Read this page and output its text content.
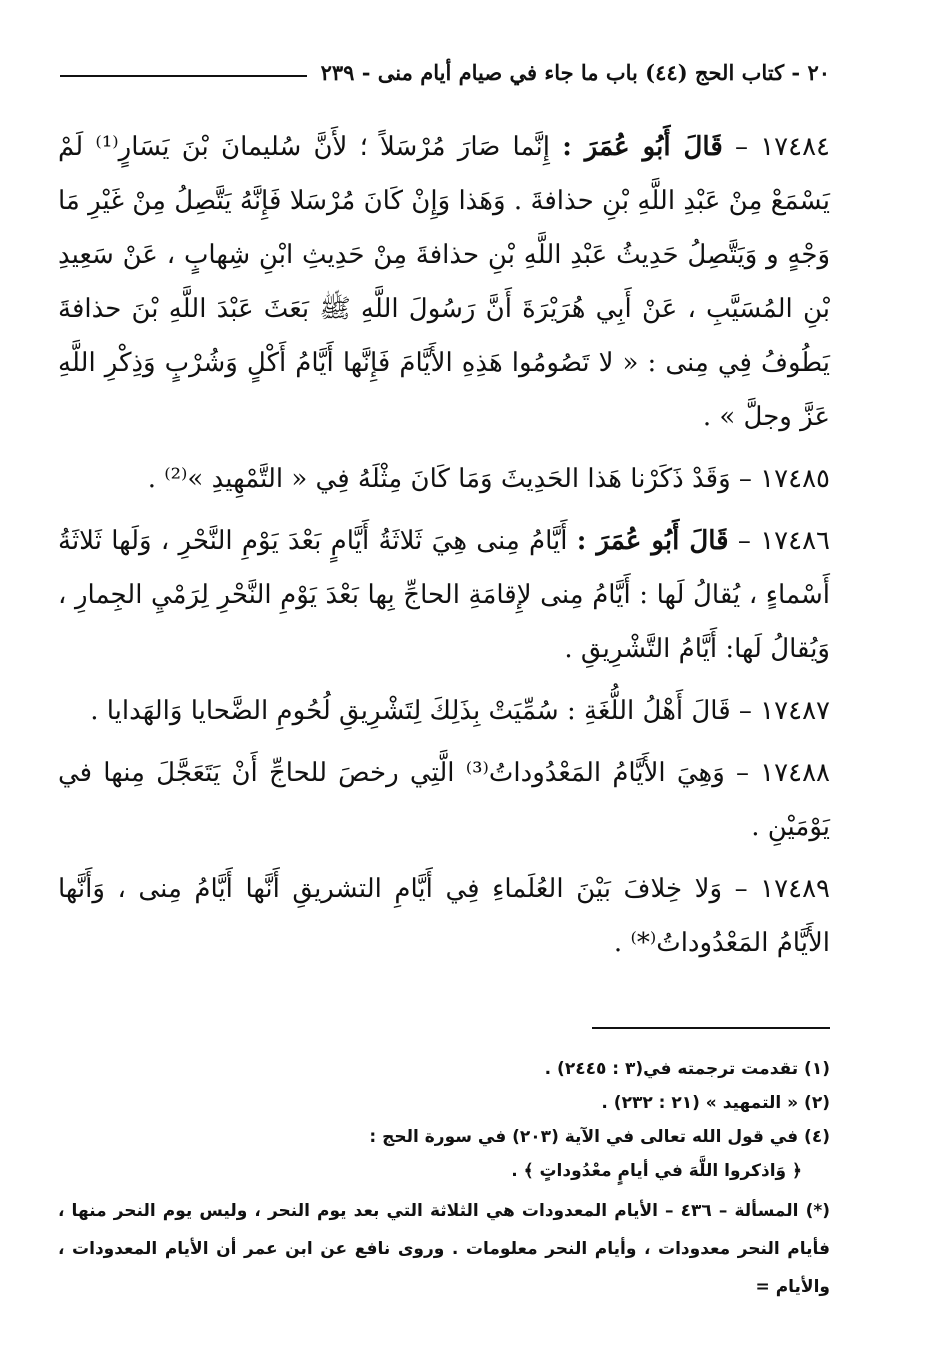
٢٠ - كتاب الحج (٤٤) باب ما جاء في صيام أيام منى - ٢٣٩

١٧٤٨٤ – قَالَ أَبُو عُمَرَ : إِنَّما صَارَ مُرْسَلاً ؛ لأَنَّ سُليمانَ بْنَ يَسَارٍ⁽¹⁾ لَمْ يَسْمَعْ مِنْ عَبْدِ اللَّهِ بْنِ حذافةَ . وَهَذا وَإِنْ كَانَ مُرْسَلا فَإِنَّهُ يَتَّصِلُ مِنْ غَيْرِ مَا وَجْهٍ و وَيَتَّصِلُ حَدِيثُ عَبْدِ اللَّهِ بْنِ حذافةَ مِنْ حَدِيثِ ابْنِ شِهابٍ ، عَنْ سَعِيدِ بْنِ المُسَيَّبِ ، عَنْ أَبِي هُرَيْرَةَ أَنَّ رَسُولَ اللَّهِ ﷺ بَعَثَ عَبْدَ اللَّهِ بْنَ حذافةَ يَطُوفُ فِي مِنى : « لا تَصُومُوا هَذِهِ الأَيَّامَ فَإِنَّها أَيَّامُ أَكْلٍ وَشُرْبٍ وَذِكْرِ اللَّهِ عَزَّ وجلَّ » .

١٧٤٨٥ – وَقَدْ ذَكَرْنا هَذا الحَدِيثَ وَمَا كَانَ مِثْلَهُ فِي « التَّمْهِيدِ »⁽²⁾ .

١٧٤٨٦ – قَالَ أَبُو عُمَرَ : أَيَّامُ مِنى هِيَ ثَلاثَةُ أَيَّامٍ بَعْدَ يَوْمِ النَّحْرِ ، وَلَها ثَلاثَةُ أَسْماءٍ ، يُقالُ لَها : أَيَّامُ مِنى لإِقامَةِ الحاجِّ بِها بَعْدَ يَوْمِ النَّحْرِ لِرَمْيِ الجِمارِ ، وَيُقالُ لَها: أَيَّامُ التَّشْرِيقِ .

١٧٤٨٧ – قَالَ أَهْلُ اللُّغَةِ : سُمِّيَتْ بِذَلِكَ لِتَشْرِيقِ لُحُومِ الضَّحايا وَالهَدايا .

١٧٤٨٨ – وَهِيَ الأَيَّامُ المَعْدُوداتُ⁽³⁾ الَّتِي رخصَ للحاجِّ أَنْ يَتَعَجَّلَ مِنها في يَوْمَيْنِ .

١٧٤٨٩ – وَلا خِلافَ بَيْنَ العُلَماءِ فِي أَيَّامِ التشريقِ أَنَّها أَيَّامُ مِنى ، وَأَنَّها الأَيَّامُ المَعْدُوداتُ⁽*⁾ .

(١) تقدمت ترجمته في(٣ : ٢٤٤٥) .

(٢) « التمهيد » (٢١ : ٢٣٢) .

(٤) في قول الله تعالى في الآية (٢٠٣) في سورة الحج :

﴿ وَاذكروا اللَّهَ في أيامٍ معْدُوداتٍ ﴾ .

(*) المسألة – ٤٣٦ – الأيام المعدودات هي الثلاثة التي بعد يوم النحر ، وليس يوم النحر منها ، فأيام النحر معدودات ، وأيام النحر معلومات . وروى نافع عن ابن عمر أن الأيام المعدودات ، والأيام =
